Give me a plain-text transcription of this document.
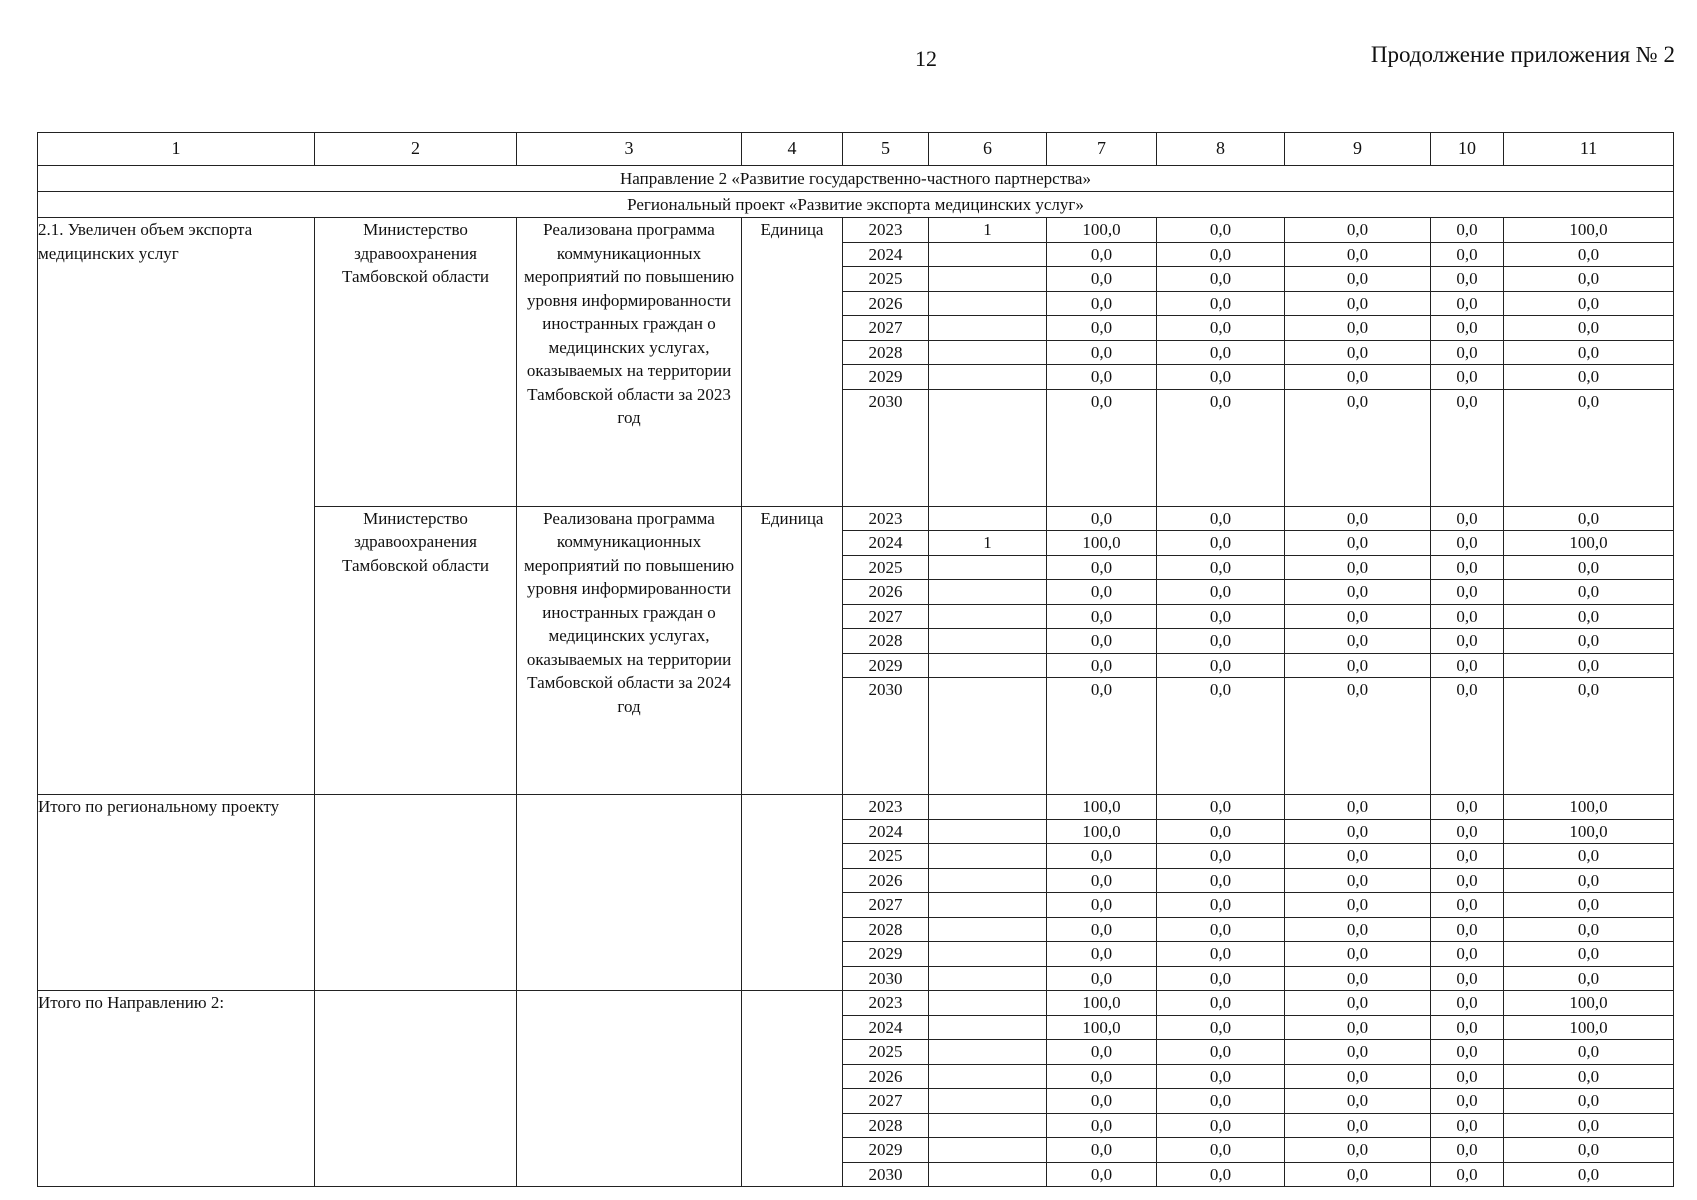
12	Продолжение приложения № 2
1	2	3	4	5	6	7	8	9	10	11
Направление 2 «Развитие государственно-частного партнерства»										
Региональный проект «Развитие экспорта медицинских услуг»										
2.1. Увеличен объем экспорта медицинских услуг	Министерство здравоохранения Тамбовской области	Реализована программа коммуникационных мероприятий по повышению уровня информированности иностранных граждан о медицинских услугах, оказываемых на территории Тамбовской области за 2023 год	Единица	2023	1	100,0	0,0	0,0	0,0	100,0
				2024		0,0	0,0	0,0	0,0	0,0
				2025		0,0	0,0	0,0	0,0	0,0
				2026		0,0	0,0	0,0	0,0	0,0
				2027		0,0	0,0	0,0	0,0	0,0
				2028		0,0	0,0	0,0	0,0	0,0
				2029		0,0	0,0	0,0	0,0	0,0
				2030		0,0	0,0	0,0	0,0	0,0
	Министерство здравоохранения Тамбовской области	Реализована программа коммуникационных мероприятий по повышению уровня информированности иностранных граждан о медицинских услугах, оказываемых на территории Тамбовской области за 2024 год	Единица	2023		0,0	0,0	0,0	0,0	0,0
				2024	1	100,0	0,0	0,0	0,0	100,0
				2025		0,0	0,0	0,0	0,0	0,0
				2026		0,0	0,0	0,0	0,0	0,0
				2027		0,0	0,0	0,0	0,0	0,0
				2028		0,0	0,0	0,0	0,0	0,0
				2029		0,0	0,0	0,0	0,0	0,0
				2030		0,0	0,0	0,0	0,0	0,0
Итого по региональному проекту				2023		100,0	0,0	0,0	0,0	100,0
				2024		100,0	0,0	0,0	0,0	100,0
				2025		0,0	0,0	0,0	0,0	0,0
				2026		0,0	0,0	0,0	0,0	0,0
				2027		0,0	0,0	0,0	0,0	0,0
				2028		0,0	0,0	0,0	0,0	0,0
				2029		0,0	0,0	0,0	0,0	0,0
				2030		0,0	0,0	0,0	0,0	0,0
Итого по Направлению 2:				2023		100,0	0,0	0,0	0,0	100,0
				2024		100,0	0,0	0,0	0,0	100,0
				2025		0,0	0,0	0,0	0,0	0,0
				2026		0,0	0,0	0,0	0,0	0,0
				2027		0,0	0,0	0,0	0,0	0,0
				2028		0,0	0,0	0,0	0,0	0,0
				2029		0,0	0,0	0,0	0,0	0,0
				2030		0,0	0,0	0,0	0,0	0,0
